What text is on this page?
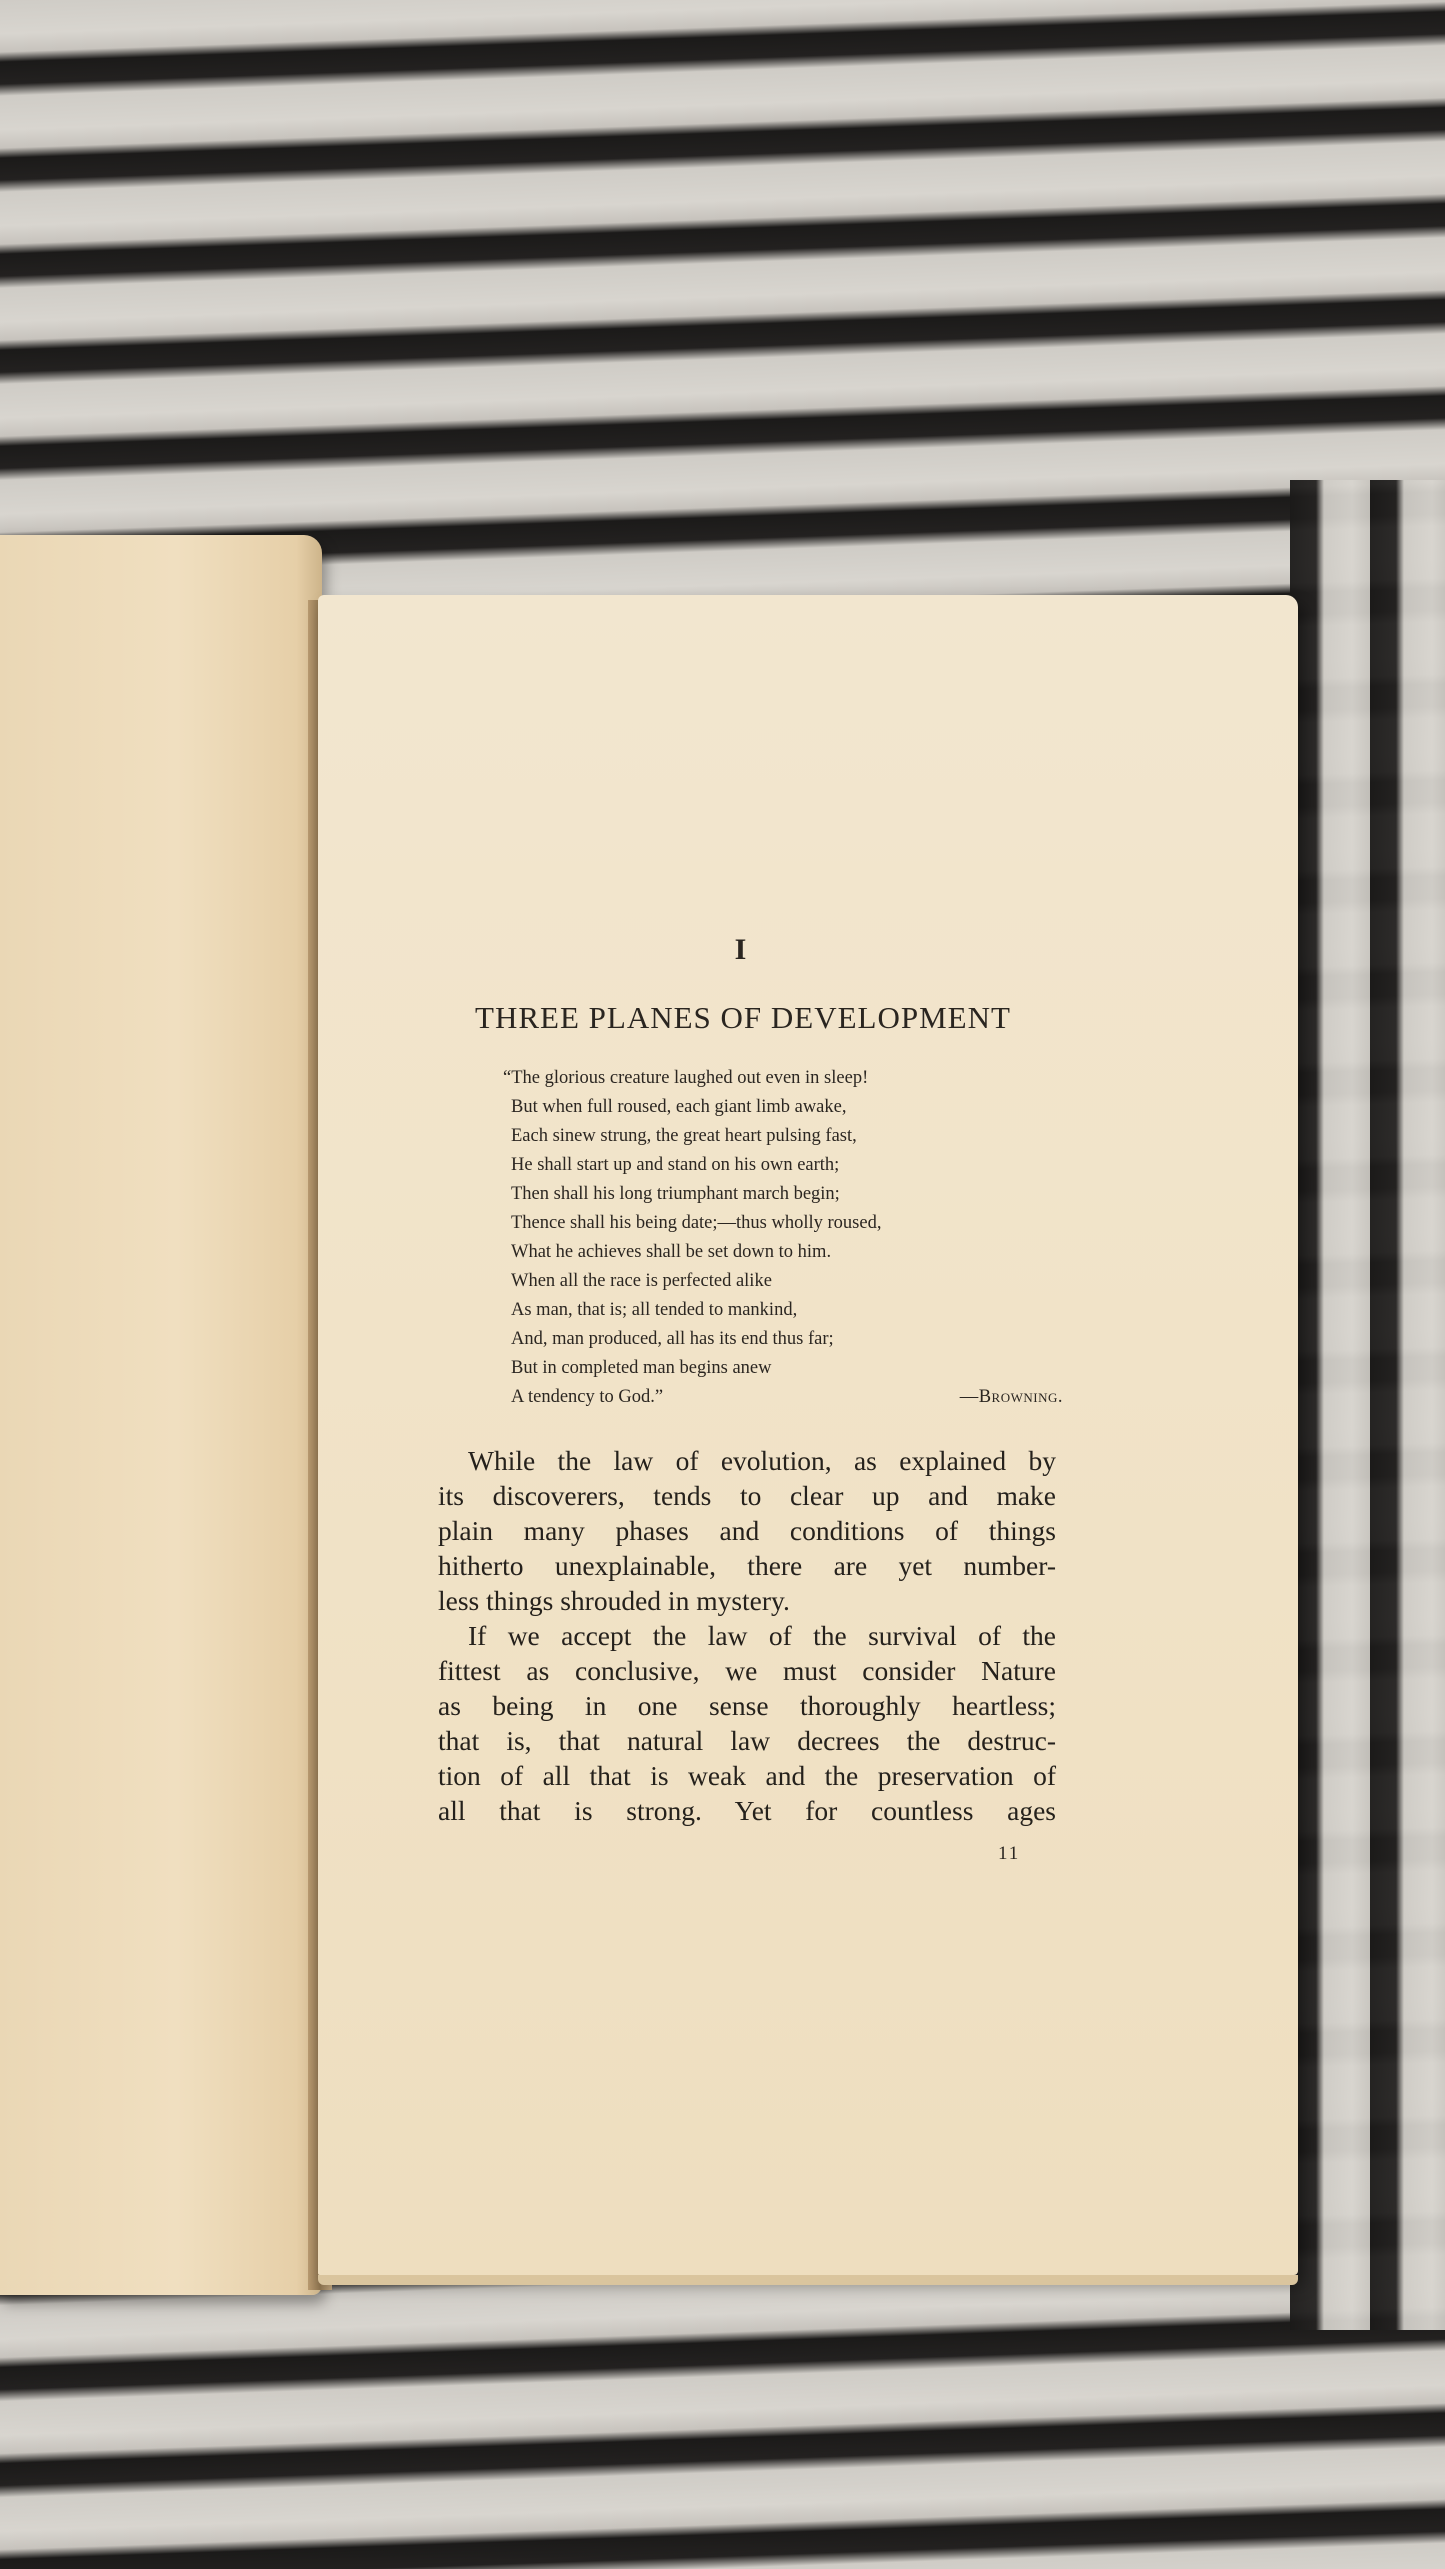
I
THREE PLANES OF DEVELOPMENT
“The glorious creature laughed out even in sleep!
But when full roused, each giant limb awake,
Each sinew strung, the great heart pulsing fast,
He shall start up and stand on his own earth;
Then shall his long triumphant march begin;
Thence shall his being date;—thus wholly roused,
What he achieves shall be set down to him.
When all the race is perfected alike
As man, that is; all tended to mankind,
And, man produced, all has its end thus far;
But in completed man begins anew
A tendency to God.”	—Browning.
While the law of evolution, as explained by
its discoverers, tends to clear up and make
plain many phases and conditions of things
hitherto unexplainable, there are yet number-
less things shrouded in mystery.
If we accept the law of the survival of the
fittest as conclusive, we must consider Nature
as being in one sense thoroughly heartless;
that is, that natural law decrees the destruc-
tion of all that is weak and the preservation of
all that is strong. Yet for countless ages
11
